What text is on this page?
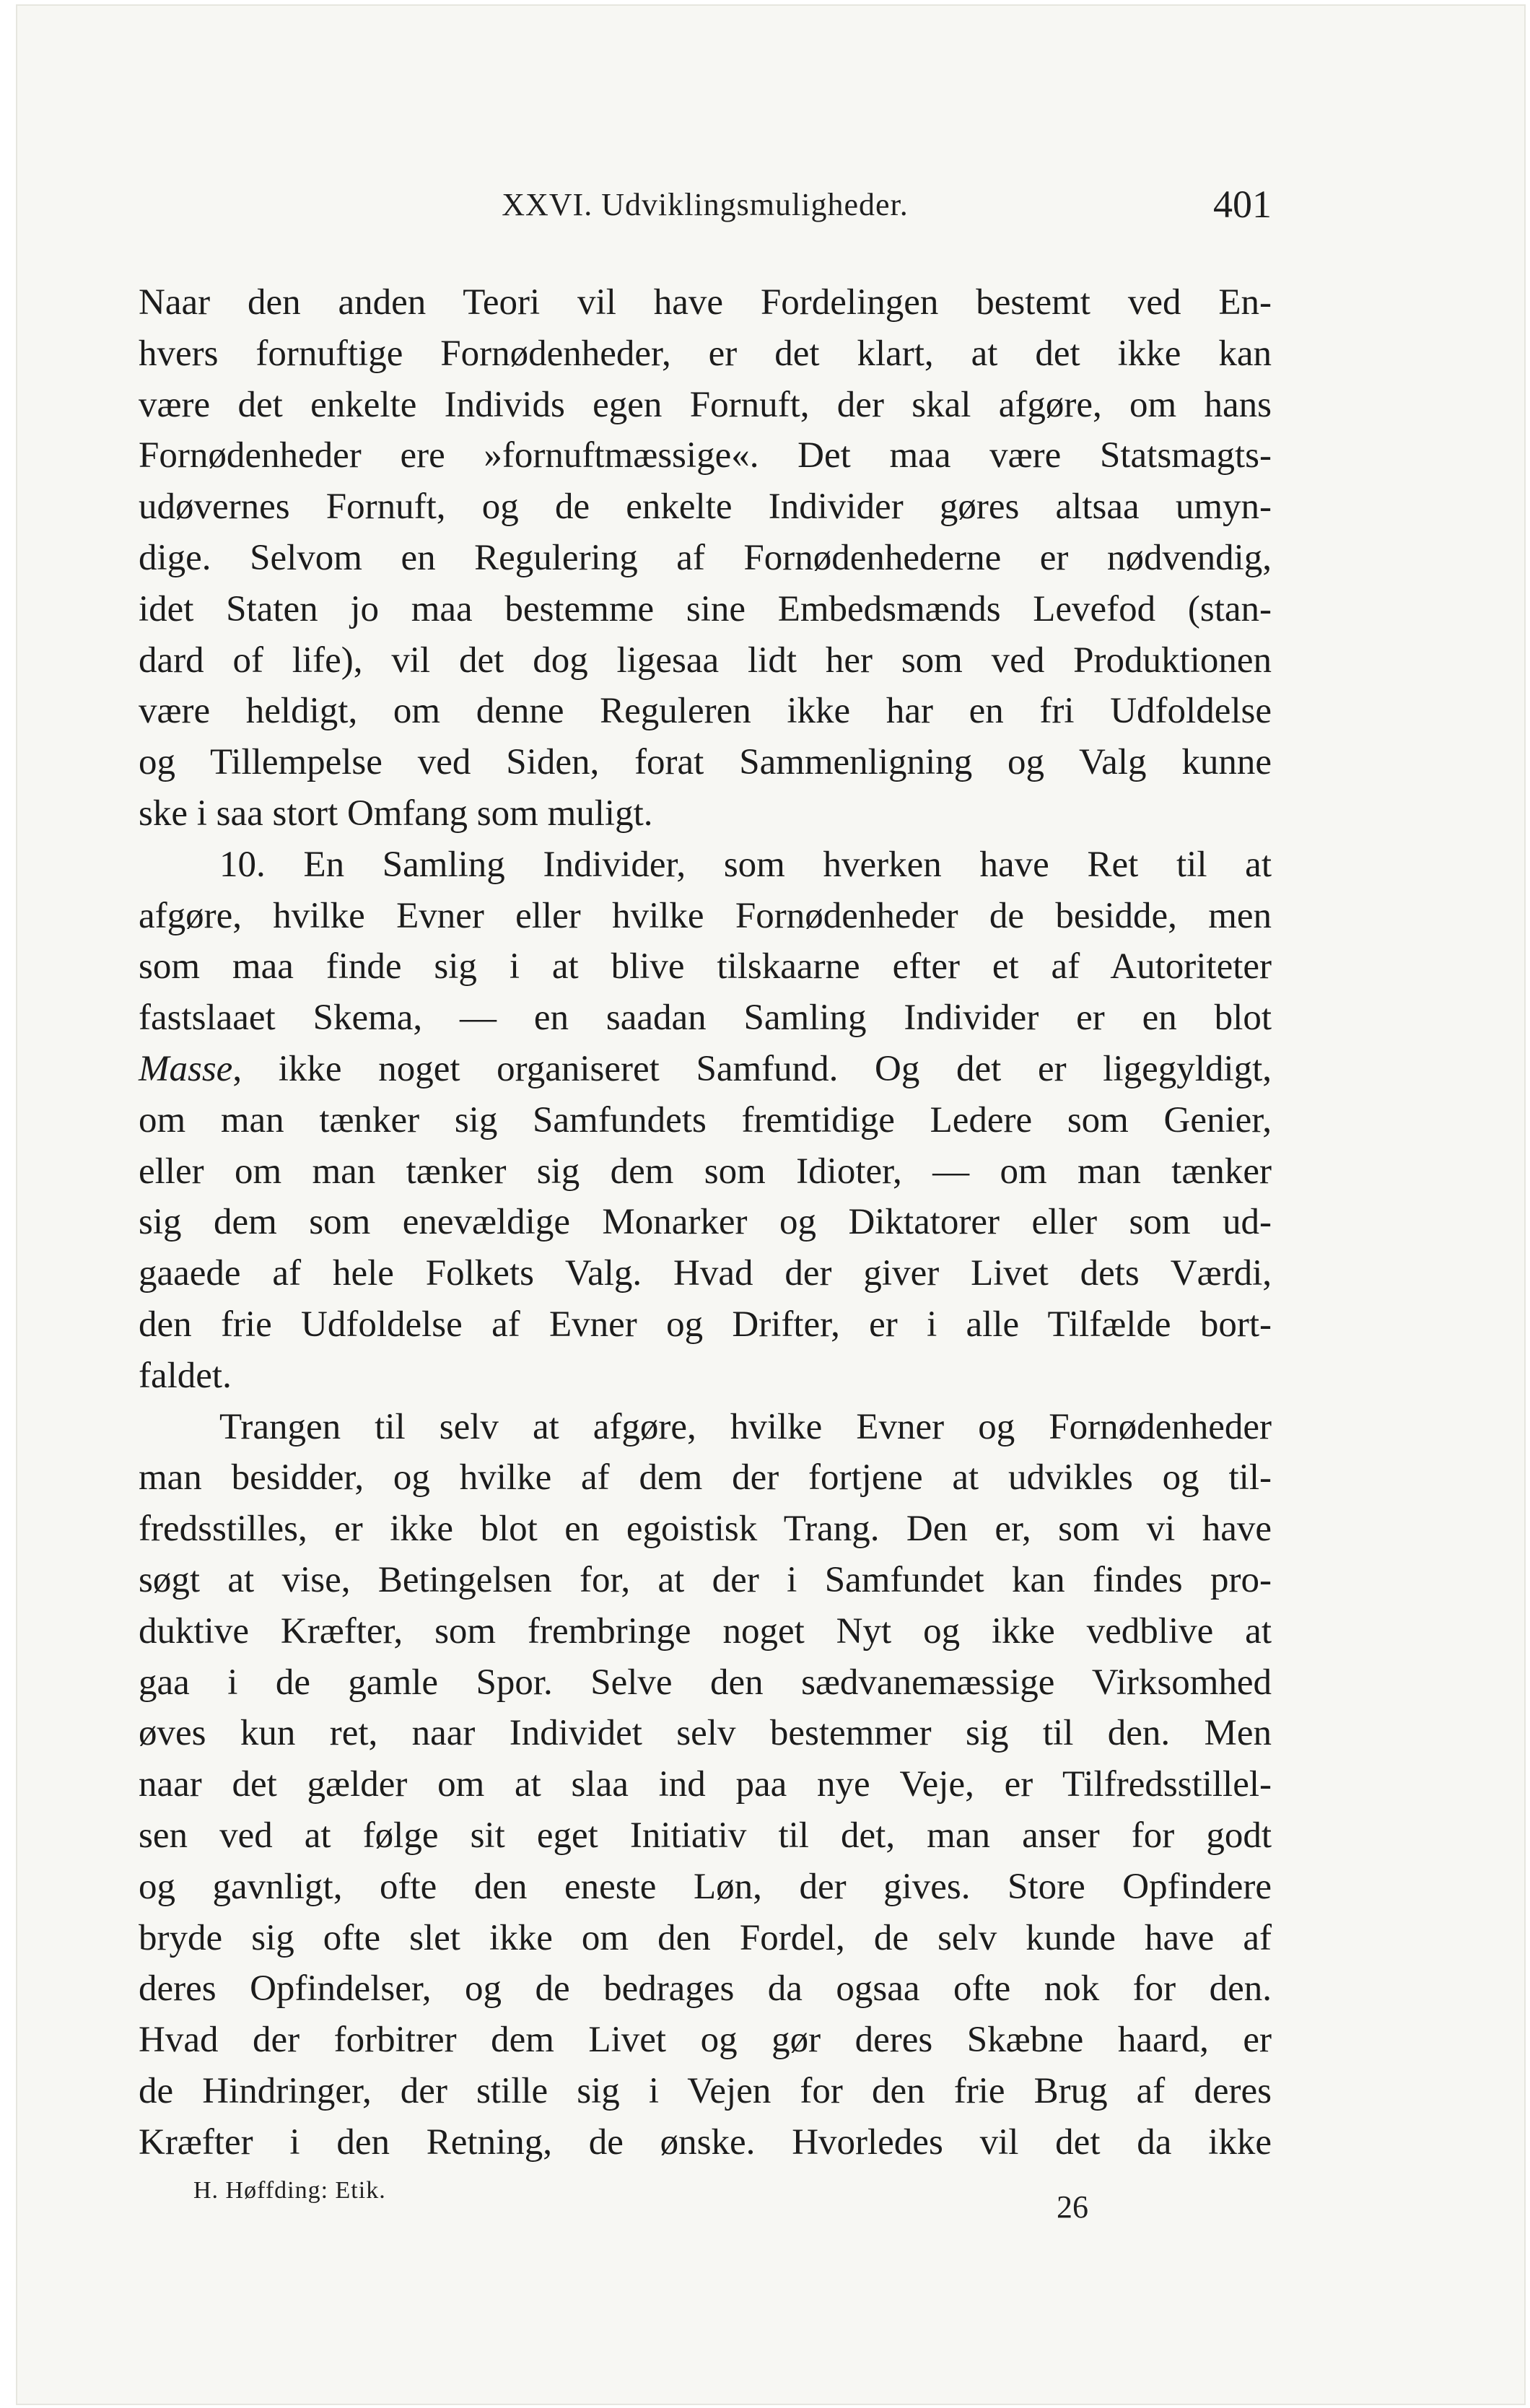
XXVI. Udviklingsmuligheder.	401
Naar den anden Teori vil have Fordelingen bestemt ved En-
hvers fornuftige Fornødenheder, er det klart, at det ikke kan
være det enkelte Individs egen Fornuft, der skal afgøre, om hans
Fornødenheder ere »fornuftmæssige«. Det maa være Statsmagts-
udøvernes Fornuft, og de enkelte Individer gøres altsaa umyn-
dige. Selvom en Regulering af Fornødenhederne er nødvendig,
idet Staten jo maa bestemme sine Embedsmænds Levefod (stan-
dard of life), vil det dog ligesaa lidt her som ved Produktionen
være heldigt, om denne Reguleren ikke har en fri Udfoldelse
og Tillempelse ved Siden, forat Sammenligning og Valg kunne
ske i saa stort Omfang som muligt.
10. En Samling Individer, som hverken have Ret til at
afgøre, hvilke Evner eller hvilke Fornødenheder de besidde, men
som maa finde sig i at blive tilskaarne efter et af Autoriteter
fastslaaet Skema, — en saadan Samling Individer er en blot
Masse, ikke noget organiseret Samfund. Og det er ligegyldigt,
om man tænker sig Samfundets fremtidige Ledere som Genier,
eller om man tænker sig dem som Idioter, — om man tænker
sig dem som enevældige Monarker og Diktatorer eller som ud-
gaaede af hele Folkets Valg. Hvad der giver Livet dets Værdi,
den frie Udfoldelse af Evner og Drifter, er i alle Tilfælde bort-
faldet.
Trangen til selv at afgøre, hvilke Evner og Fornødenheder
man besidder, og hvilke af dem der fortjene at udvikles og til-
fredsstilles, er ikke blot en egoistisk Trang. Den er, som vi have
søgt at vise, Betingelsen for, at der i Samfundet kan findes pro-
duktive Kræfter, som frembringe noget Nyt og ikke vedblive at
gaa i de gamle Spor. Selve den sædvanemæssige Virksomhed
øves kun ret, naar Individet selv bestemmer sig til den. Men
naar det gælder om at slaa ind paa nye Veje, er Tilfredsstillel-
sen ved at følge sit eget Initiativ til det, man anser for godt
og gavnligt, ofte den eneste Løn, der gives. Store Opfindere
bryde sig ofte slet ikke om den Fordel, de selv kunde have af
deres Opfindelser, og de bedrages da ogsaa ofte nok for den.
Hvad der forbitrer dem Livet og gør deres Skæbne haard, er
de Hindringer, der stille sig i Vejen for den frie Brug af deres
Kræfter i den Retning, de ønske. Hvorledes vil det da ikke
H. Høffding: Etik.	26
